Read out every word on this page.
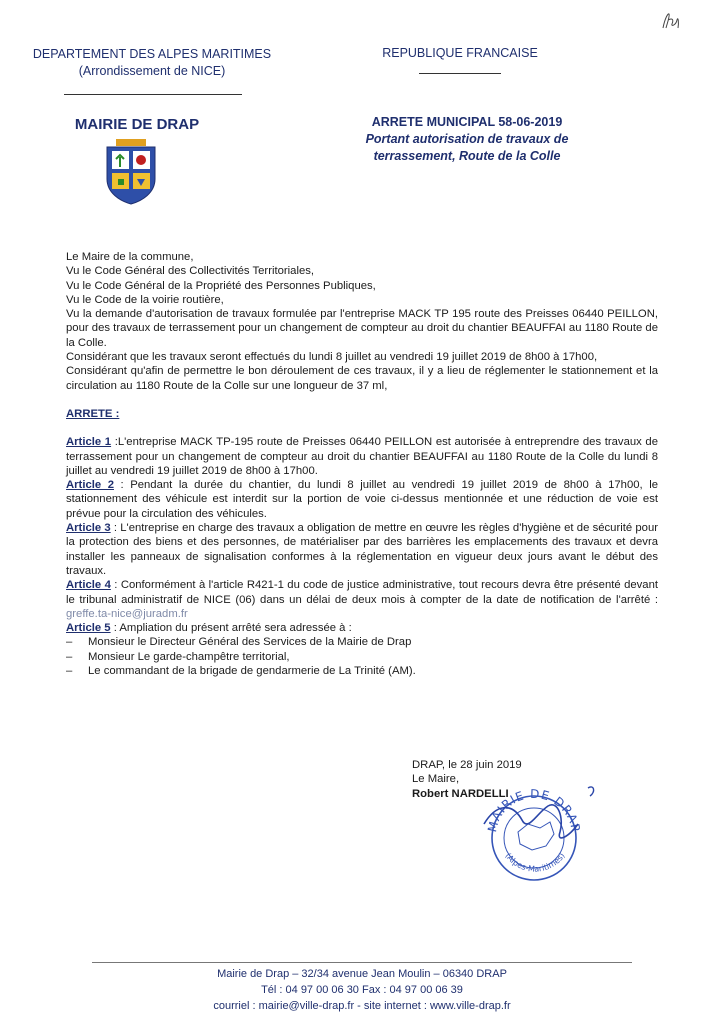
DEPARTEMENT DES ALPES MARITIMES
(Arrondissement de NICE)
REPUBLIQUE FRANCAISE
MAIRIE DE DRAP	ARRETE MUNICIPAL 58-06-2019
Portant autorisation de travaux de
terrassement, Route de la Colle

Le Maire de la commune,

Vu le Code Général des Collectivités Territoriales,

Vu le Code Général de la Propriété des Personnes Publiques,

Vu le Code de la voirie routière,

Vu la demande d'autorisation de travaux formulée par l'entreprise MACK TP 195 route des Preisses 06440 PEILLON, pour des travaux de terrassement pour un changement de compteur au droit du chantier BEAUFFAI au 1180 Route de la Colle.

Considérant que les travaux seront effectués du lundi 8 juillet au vendredi 19 juillet 2019 de 8h00 à 17h00,

Considérant qu'afin de permettre le bon déroulement de ces travaux, il y a lieu de réglementer le stationnement et la circulation au 1180 Route de la Colle sur une longueur de 37 ml,

ARRETE :

Article 1 :L'entreprise MACK TP-195 route de Preisses 06440 PEILLON est autorisée à entreprendre des travaux de terrassement pour un changement de compteur au droit du chantier BEAUFFAI au 1180 Route de la Colle du lundi 8 juillet au vendredi 19 juillet 2019 de 8h00 à 17h00.

Article 2 : Pendant la durée du chantier, du lundi 8 juillet au vendredi 19 juillet 2019 de 8h00 à 17h00, le stationnement des véhicule est interdit sur la portion de voie ci-dessus mentionnée et une réduction de voie est prévue pour la circulation des véhicules.

Article 3 : L'entreprise en charge des travaux a obligation de mettre en œuvre les règles d'hygiène et de sécurité pour la protection des biens et des personnes, de matérialiser par des barrières les emplacements des travaux et devra installer les panneaux de signalisation conformes à la réglementation en vigueur deux jours avant le début des travaux.

Article 4 : Conformément à l'article R421-1 du code de justice administrative, tout recours devra être présenté devant le tribunal administratif de NICE (06) dans un délai de deux mois à compter de la date de notification de l'arrêté : greffe.ta-nice@juradm.fr

Article 5 : Ampliation du présent arrêté sera adressée à :

– Monsieur le Directeur Général des Services de la Mairie de Drap
– Monsieur Le garde-champêtre territorial,
– Le commandant de la brigade de gendarmerie de La Trinité (AM).
DRAP, le 28 juin 2019
Le Maire,
Robert NARDELLI
MAIRIE DE DRAP
(Alpes-Maritimes)
Mairie de Drap – 32/34 avenue Jean Moulin – 06340 DRAP
Tél : 04 97 00 06 30 Fax : 04 97 00 06 39
courriel : mairie@ville-drap.fr - site internet : www.ville-drap.fr
